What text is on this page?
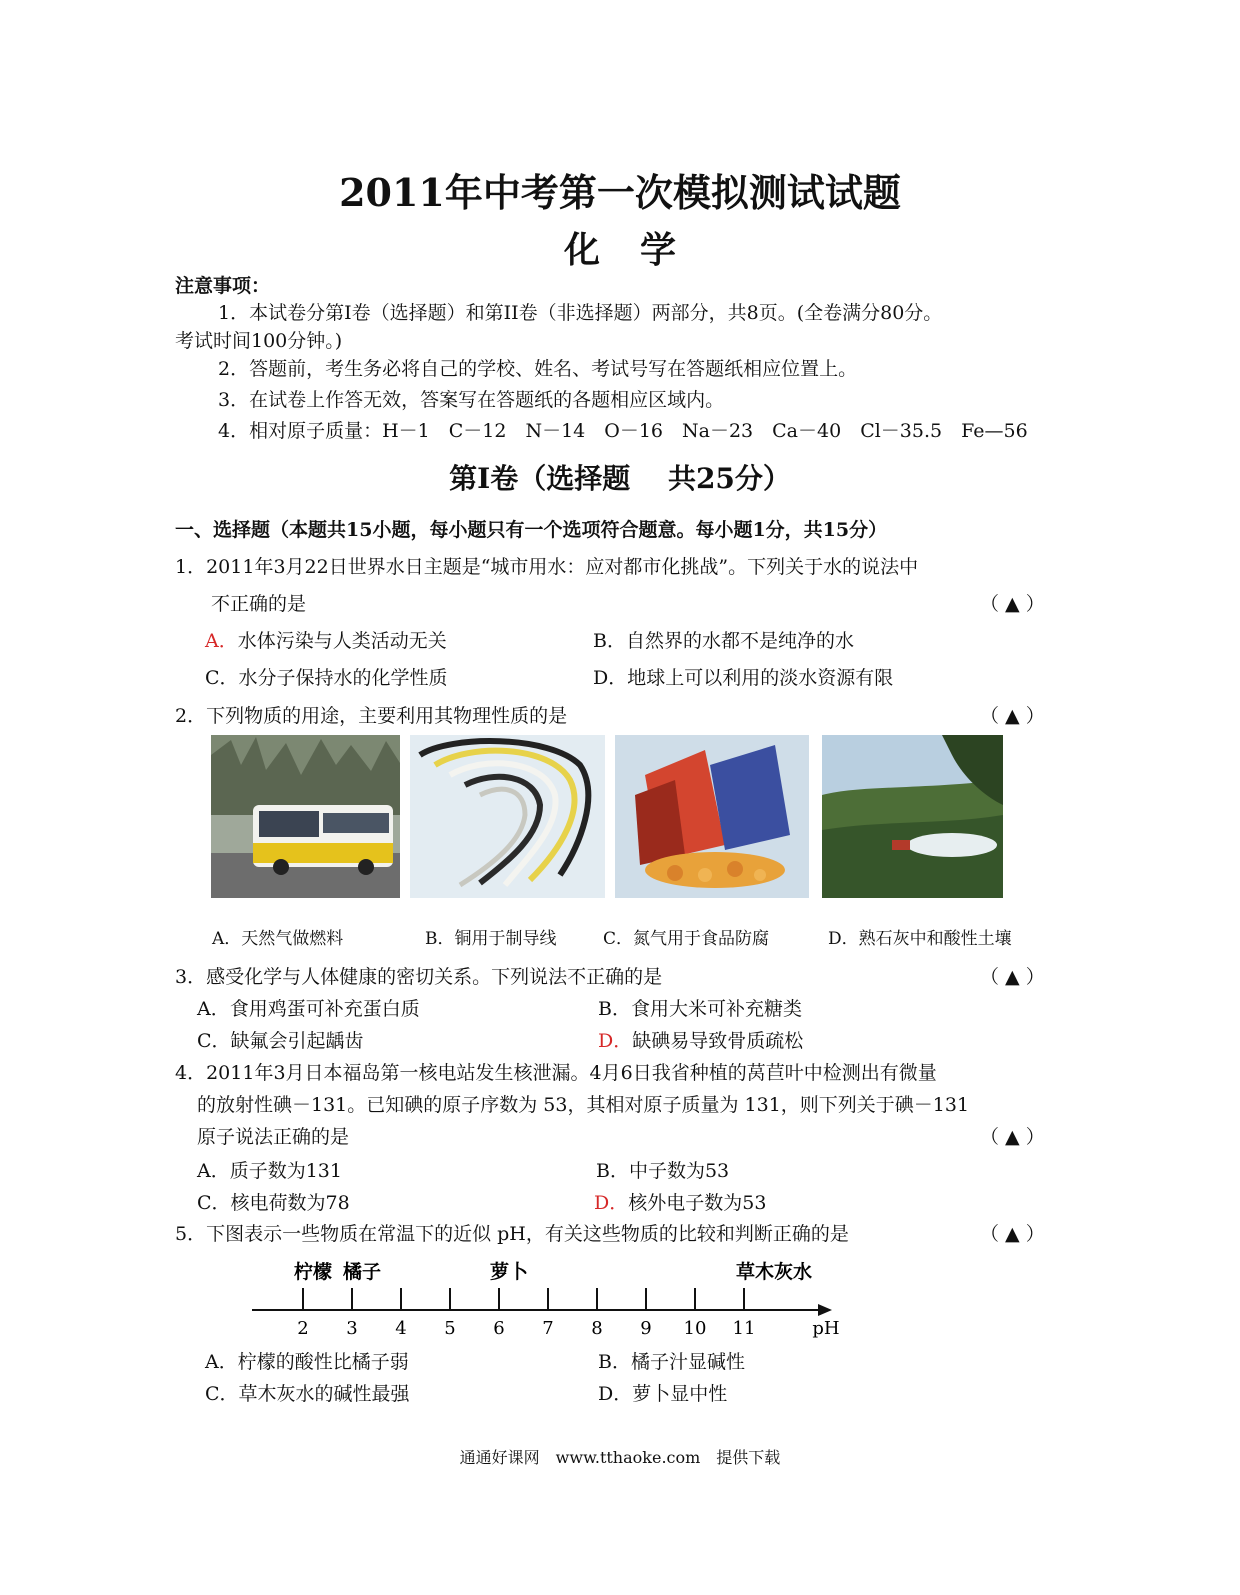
2011年中考第一次模拟测试试题
化学
注意事项：
1．本试卷分第I卷（选择题）和第II卷（非选择题）两部分，共8页。(全卷满分80分。
考试时间100分钟。)
2．答题前，考生务必将自己的学校、姓名、考试号写在答题纸相应位置上。
3．在试卷上作答无效，答案写在答题纸的各题相应区域内。
4．相对原子质量：H－1　C－12　N－14　O－16　Na－23　Ca－40　Cl－35.5　Fe—56
第Ⅰ卷（选择题　 共25分）
一、选择题（本题共15小题，每小题只有一个选项符合题意。每小题1分，共15分）
1．2011年3月22日世界水日主题是“城市用水：应对都市化挑战”。下列关于水的说法中
不正确的是	（ ▲ ）
A．水体污染与人类活动无关	B．自然界的水都不是纯净的水
C．水分子保持水的化学性质	D．地球上可以利用的淡水资源有限
2．下列物质的用途，主要利用其物理性质的是	（ ▲ ）
A．天然气做燃料	B．铜用于制导线	C．氮气用于食品防腐	D．熟石灰中和酸性土壤
3．感受化学与人体健康的密切关系。下列说法不正确的是	（ ▲ ）
A．食用鸡蛋可补充蛋白质	B．食用大米可补充糖类
C．缺氟会引起龋齿	D．缺碘易导致骨质疏松
4．2011年3月日本福岛第一核电站发生核泄漏。4月6日我省种植的莴苣叶中检测出有微量
的放射性碘－131。已知碘的原子序数为 53，其相对原子质量为 131，则下列关于碘－131
原子说法正确的是	（ ▲ ）
A．质子数为131	B．中子数为53
C．核电荷数为78	D．核外电子数为53
5．下图表示一些物质在常温下的近似 pH，有关这些物质的比较和判断正确的是	（ ▲ ）
2 3 4 5 6 7 8 9 10 11	pH
柠檬 橘子	萝卜	草木灰水
A．柠檬的酸性比橘子弱	B．橘子汁显碱性
C．草木灰水的碱性最强	D．萝卜显中性
通通好课网　www.tthaoke.com　提供下载
